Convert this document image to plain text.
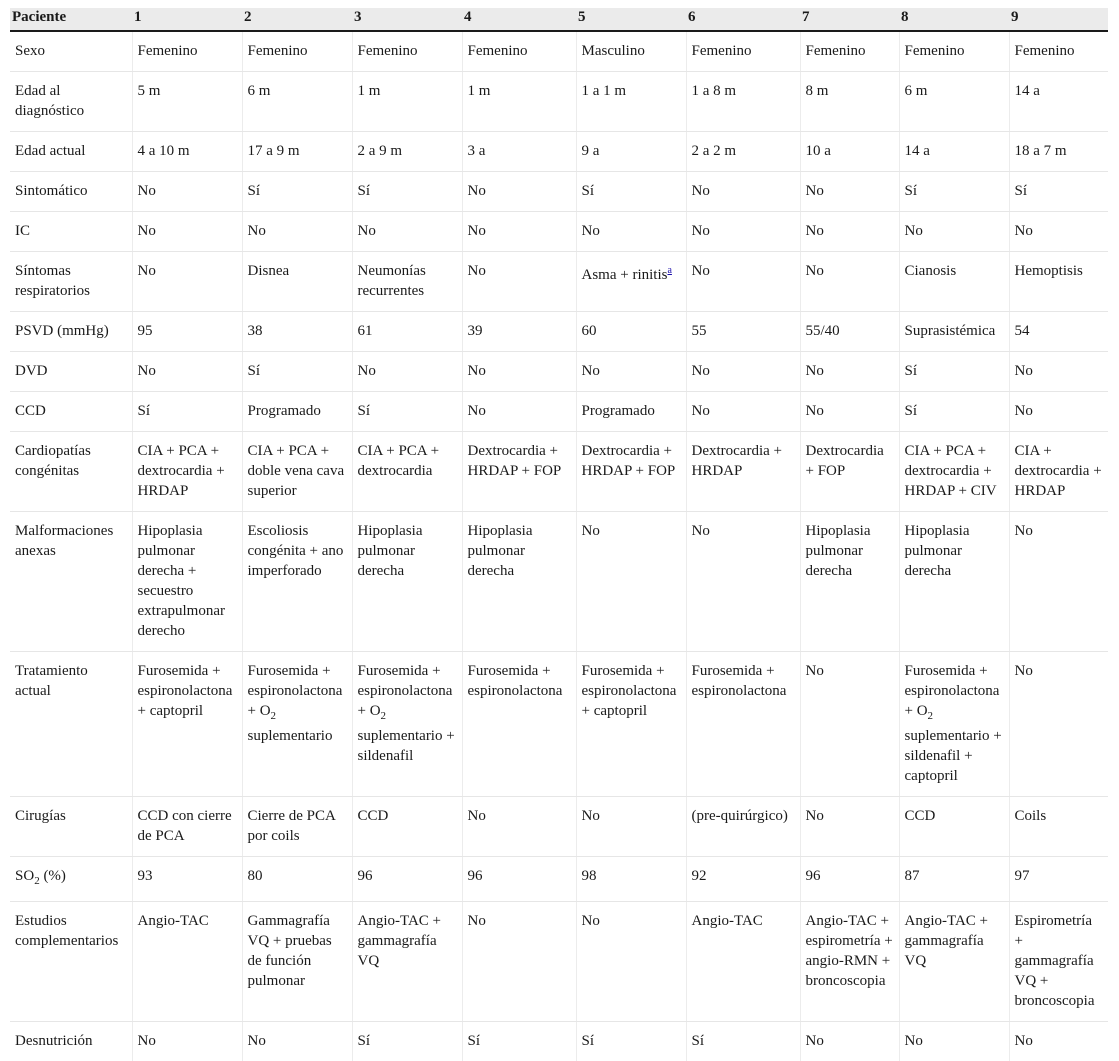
Paciente	1	2	3	4	5	6	7	8	9
Sexo	Femenino	Femenino	Femenino	Femenino	Masculino	Femenino	Femenino	Femenino	Femenino
Edad al diagnóstico	5 m	6 m	1 m	1 m	1 a 1 m	1 a 8 m	8 m	6 m	14 a
Edad actual	4 a 10 m	17 a 9 m	2 a 9 m	3 a	9 a	2 a 2 m	10 a	14 a	18 a 7 m
Sintomático	No	Sí	Sí	No	Sí	No	No	Sí	Sí
IC	No	No	No	No	No	No	No	No	No
Síntomas respiratorios	No	Disnea	Neumonías recurrentes	No	Asma + rinitis$^a$	No	No	Cianosis	Hemoptisis
PSVD (mmHg)	95	38	61	39	60	55	55/40	Suprasistémica	54
DVD	No	Sí	No	No	No	No	No	Sí	No
CCD	Sí	Programado	Sí	No	Programado	No	No	Sí	No
Cardiopatías congénitas	CIA + PCA + dextrocardia + HRDAP	CIA + PCA + doble vena cava superior	CIA + PCA + dextrocardia	Dextrocardia + HRDAP + FOP	Dextrocardia + HRDAP + FOP	Dextrocardia + HRDAP	Dextrocardia + FOP	CIA + PCA + dextrocardia + HRDAP + CIV	CIA + dextrocardia + HRDAP
Malformaciones anexas	Hipoplasia pulmonar derecha + secuestro extrapulmonar derecho	Escoliosis congénita + ano imperforado	Hipoplasia pulmonar derecha	Hipoplasia pulmonar derecha	No	No	Hipoplasia pulmonar derecha	Hipoplasia pulmonar derecha	No
Tratamiento actual	Furosemida + espironolactona + captopril	Furosemida + espironolactona + $O_2$ suplementario	Furosemida + espironolactona + $O_2$ suplementario + sildenafil	Furosemida + espironolactona	Furosemida + espironolactona + captopril	Furosemida + espironolactona	No	Furosemida + espironolactona + $O_2$ suplementario + sildenafil + captopril	No
Cirugías	CCD con cierre de PCA	Cierre de PCA por coils	CCD	No	No	(pre-quirúrgico)	No	CCD	Coils
$SO_2$ (%)	93	80	96	96	98	92	96	87	97
Estudios complementarios	Angio-TAC	Gammagrafía VQ + pruebas de función pulmonar	Angio-TAC + gammagrafía VQ	No	No	Angio-TAC	Angio-TAC + espirometría + angio-RMN + broncoscopia	Angio-TAC + gammagrafía VQ	Espirometría + gammagrafía VQ + broncoscopia
Desnutrición	No	No	Sí	Sí	Sí	Sí	No	No	No
